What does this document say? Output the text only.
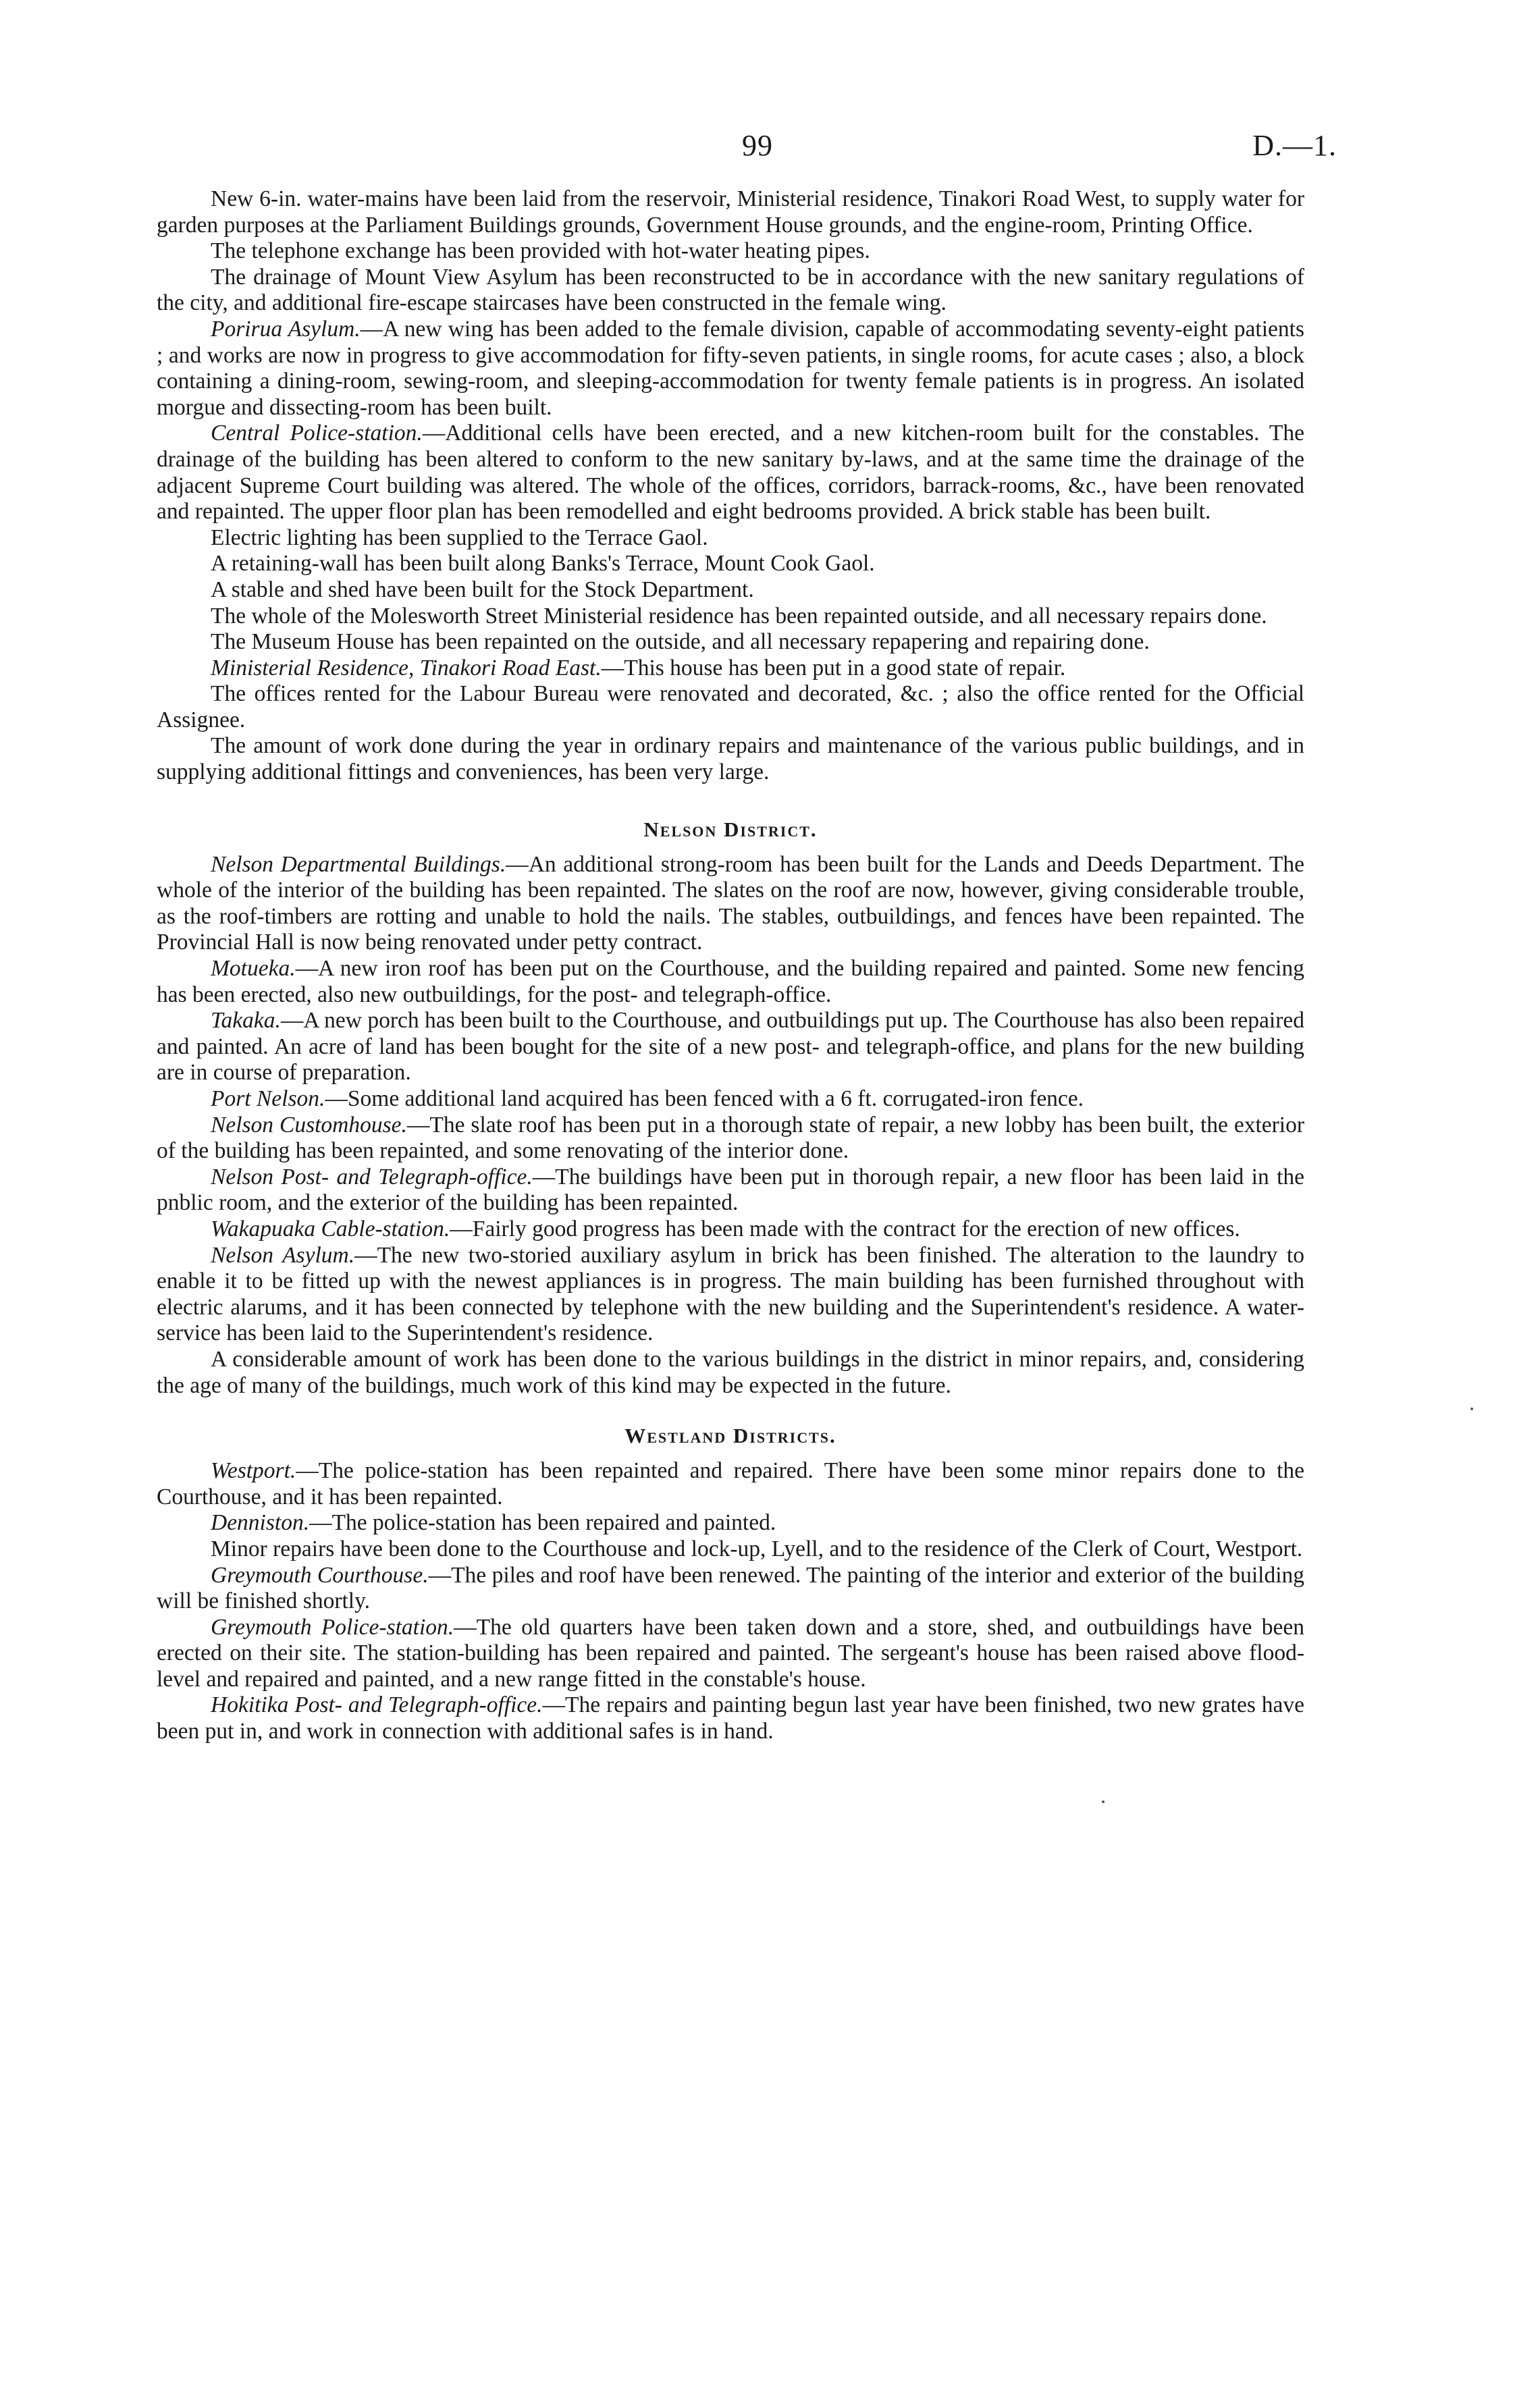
99	D.—1.

New 6-in. water-mains have been laid from the reservoir, Ministerial residence, Tinakori Road West, to supply water for garden purposes at the Parliament Buildings grounds, Government House grounds, and the engine-room, Printing Office.

The telephone exchange has been provided with hot-water heating pipes.

The drainage of Mount View Asylum has been reconstructed to be in accordance with the new sanitary regulations of the city, and additional fire-escape staircases have been constructed in the female wing.

Porirua Asylum.—A new wing has been added to the female division, capable of accommodating seventy-eight patients ; and works are now in progress to give accommodation for fifty-seven patients, in single rooms, for acute cases ; also, a block containing a dining-room, sewing-room, and sleeping-accommodation for twenty female patients is in progress. An isolated morgue and dissecting-room has been built.

Central Police-station.—Additional cells have been erected, and a new kitchen-room built for the constables. The drainage of the building has been altered to conform to the new sanitary by-laws, and at the same time the drainage of the adjacent Supreme Court building was altered. The whole of the offices, corridors, barrack-rooms, &c., have been renovated and repainted. The upper floor plan has been remodelled and eight bedrooms provided. A brick stable has been built.

Electric lighting has been supplied to the Terrace Gaol.

A retaining-wall has been built along Banks's Terrace, Mount Cook Gaol.

A stable and shed have been built for the Stock Department.

The whole of the Molesworth Street Ministerial residence has been repainted outside, and all necessary repairs done.

The Museum House has been repainted on the outside, and all necessary repapering and repairing done.

Ministerial Residence, Tinakori Road East.—This house has been put in a good state of repair.

The offices rented for the Labour Bureau were renovated and decorated, &c. ; also the office rented for the Official Assignee.

The amount of work done during the year in ordinary repairs and maintenance of the various public buildings, and in supplying additional fittings and conveniences, has been very large.

Nelson District.

Nelson Departmental Buildings.—An additional strong-room has been built for the Lands and Deeds Department. The whole of the interior of the building has been repainted. The slates on the roof are now, however, giving considerable trouble, as the roof-timbers are rotting and unable to hold the nails. The stables, outbuildings, and fences have been repainted. The Provincial Hall is now being renovated under petty contract.

Motueka.—A new iron roof has been put on the Courthouse, and the building repaired and painted. Some new fencing has been erected, also new outbuildings, for the post- and telegraph-office.

Takaka.—A new porch has been built to the Courthouse, and outbuildings put up. The Courthouse has also been repaired and painted. An acre of land has been bought for the site of a new post- and telegraph-office, and plans for the new building are in course of preparation.

Port Nelson.—Some additional land acquired has been fenced with a 6 ft. corrugated-iron fence.

Nelson Customhouse.—The slate roof has been put in a thorough state of repair, a new lobby has been built, the exterior of the building has been repainted, and some renovating of the interior done.

Nelson Post- and Telegraph-office.—The buildings have been put in thorough repair, a new floor has been laid in the pnblic room, and the exterior of the building has been repainted.

Wakapuaka Cable-station.—Fairly good progress has been made with the contract for the erection of new offices.

Nelson Asylum.—The new two-storied auxiliary asylum in brick has been finished. The alteration to the laundry to enable it to be fitted up with the newest appliances is in progress. The main building has been furnished throughout with electric alarums, and it has been connected by telephone with the new building and the Superintendent's residence. A water-service has been laid to the Superintendent's residence.

A considerable amount of work has been done to the various buildings in the district in minor repairs, and, considering the age of many of the buildings, much work of this kind may be expected in the future.

Westland Districts.

Westport.—The police-station has been repainted and repaired. There have been some minor repairs done to the Courthouse, and it has been repainted.

Denniston.—The police-station has been repaired and painted.

Minor repairs have been done to the Courthouse and lock-up, Lyell, and to the residence of the Clerk of Court, Westport.

Greymouth Courthouse.—The piles and roof have been renewed. The painting of the interior and exterior of the building will be finished shortly.

Greymouth Police-station.—The old quarters have been taken down and a store, shed, and outbuildings have been erected on their site. The station-building has been repaired and painted. The sergeant's house has been raised above flood-level and repaired and painted, and a new range fitted in the constable's house.

Hokitika Post- and Telegraph-office.—The repairs and painting begun last year have been finished, two new grates have been put in, and work in connection with additional safes is in hand.
